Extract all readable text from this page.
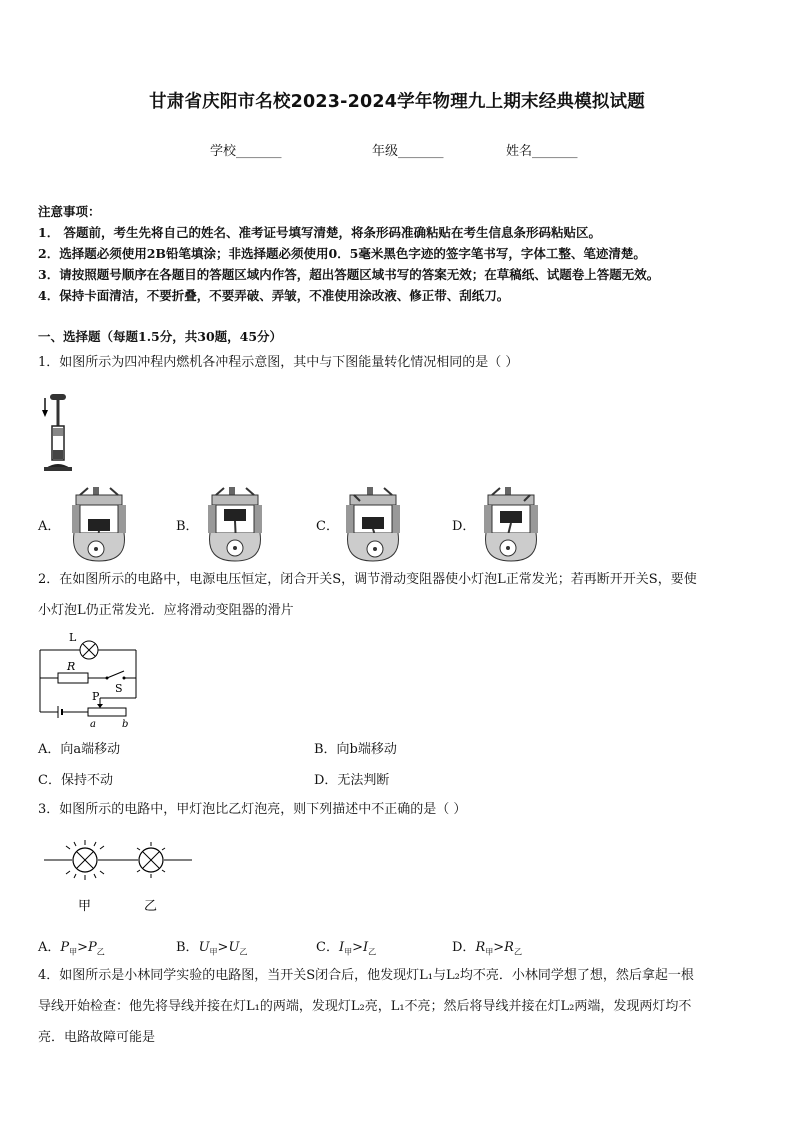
甘肃省庆阳市名校2023-2024学年物理九上期末经典模拟试题
学校_______	年级_______	姓名_______
注意事项：
1． 答题前，考生先将自己的姓名、准考证号填写清楚，将条形码准确粘贴在考生信息条形码粘贴区。
2．选择题必须使用2B铅笔填涂；非选择题必须使用0．5毫米黑色字迹的签字笔书写，字体工整、笔迹清楚。
3．请按照题号顺序在各题目的答题区域内作答，超出答题区域书写的答案无效；在草稿纸、试题卷上答题无效。
4．保持卡面清洁，不要折叠，不要弄破、弄皱，不准使用涂改液、修正带、刮纸刀。
一、选择题（每题1.5分，共30题，45分）
1．如图所示为四冲程内燃机各冲程示意图，其中与下图能量转化情况相同的是（ ）
A．	B．	C．	D．
2．在如图所示的电路中，电源电压恒定，闭合开关S，调节滑动变阻器使小灯泡L正常发光；若再断开开关S，要使
小灯泡L仍正常发光．应将滑动变阻器的滑片
L
R
S
P
a	b
A．向a端移动	B．向b端移动
C．保持不动	D．无法判断
3．如图所示的电路中，甲灯泡比乙灯泡亮，则下列描述中不正确的是（ ）
甲	乙
A．$P_甲>P_乙$	B．$U_甲>U_乙$	C．$I_甲>I_乙$	D．$R_甲>R_乙$
4．如图所示是小林同学实验的电路图，当开关S闭合后，他发现灯L₁与L₂均不亮．小林同学想了想，然后拿起一根
导线开始检查：他先将导线并接在灯L₁的两端，发现灯L₂亮，L₁不亮；然后将导线并接在灯L₂两端，发现两灯均不
亮．电路故障可能是
